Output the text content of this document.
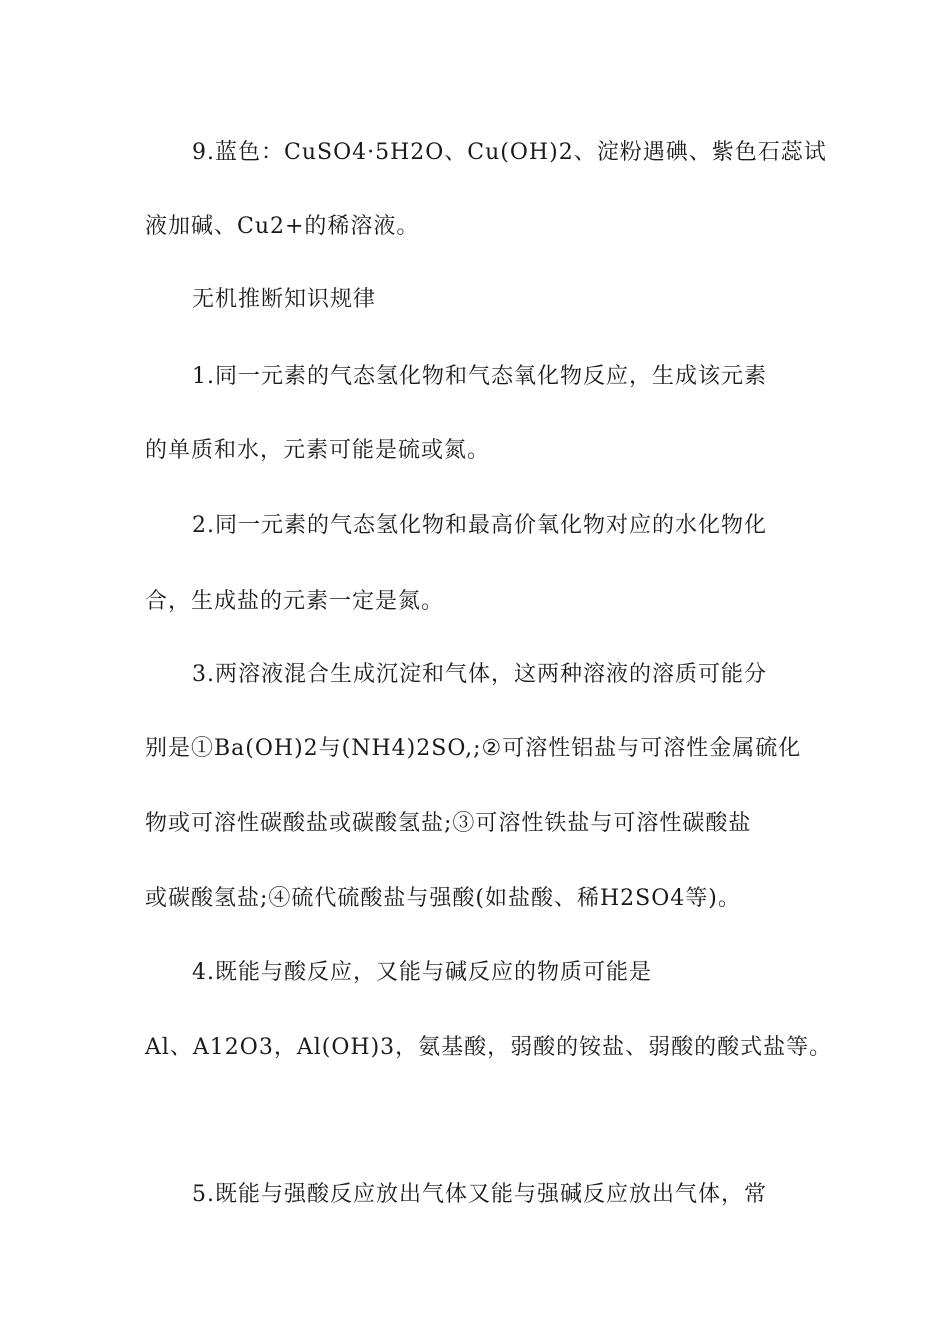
9.蓝色：CuSO4·5H2O、Cu(OH)2、淀粉遇碘、紫色石蕊试
液加碱、Cu2+的稀溶液。
无机推断知识规律
1.同一元素的气态氢化物和气态氧化物反应，生成该元素
的单质和水，元素可能是硫或氮。
2.同一元素的气态氢化物和最高价氧化物对应的水化物化
合，生成盐的元素一定是氮。
3.两溶液混合生成沉淀和气体，这两种溶液的溶质可能分
别是①Ba(OH)2与(NH4)2SO,;②可溶性铝盐与可溶性金属硫化
物或可溶性碳酸盐或碳酸氢盐;③可溶性铁盐与可溶性碳酸盐
或碳酸氢盐;④硫代硫酸盐与强酸(如盐酸、稀H2SO4等)。
4.既能与酸反应，又能与碱反应的物质可能是
Al、A12O3，Al(OH)3，氨基酸，弱酸的铵盐、弱酸的酸式盐等。
5.既能与强酸反应放出气体又能与强碱反应放出气体，常
